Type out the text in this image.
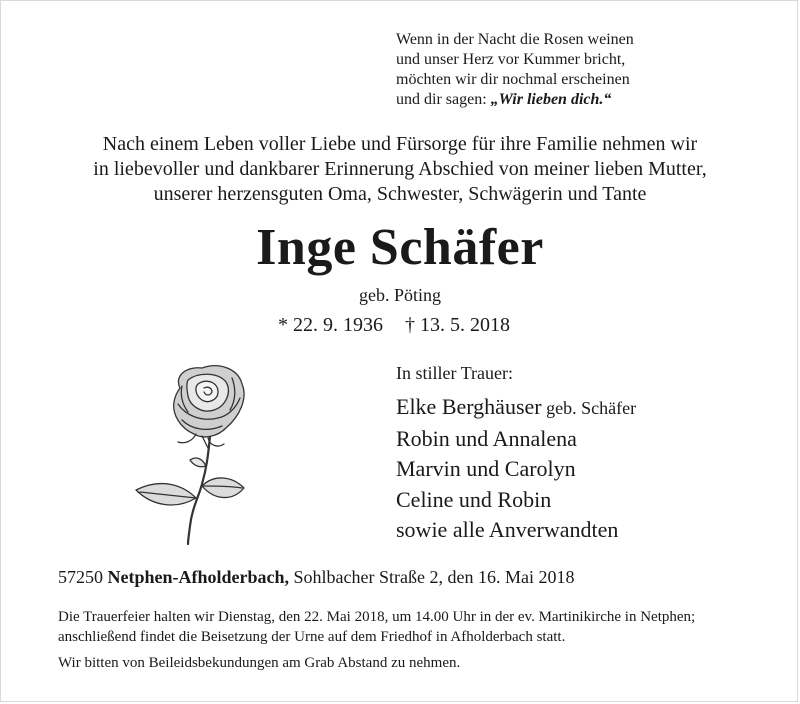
Wenn in der Nacht die Rosen weinen
und unser Herz vor Kummer bricht,
möchten wir dir nochmal erscheinen
und dir sagen: „Wir lieben dich.“
Nach einem Leben voller Liebe und Fürsorge für ihre Familie nehmen wir
in liebevoller und dankbarer Erinnerung Abschied von meiner lieben Mutter,
unserer herzensguten Oma, Schwester, Schwägerin und Tante
Inge Schäfer
geb. Pöting
* 22. 9. 1936 † 13. 5. 2018
In stiller Trauer:
Elke Berghäuser geb. Schäfer
Robin und Annalena
Marvin und Carolyn
Celine und Robin
sowie alle Anverwandten
57250 Netphen-Afholderbach, Sohlbacher Straße 2, den 16. Mai 2018
Die Trauerfeier halten wir Dienstag, den 22. Mai 2018, um 14.00 Uhr in der ev. Martinikirche in Netphen; anschließend findet die Beisetzung der Urne auf dem Friedhof in Afholderbach statt.
Wir bitten von Beileidsbekundungen am Grab Abstand zu nehmen.
